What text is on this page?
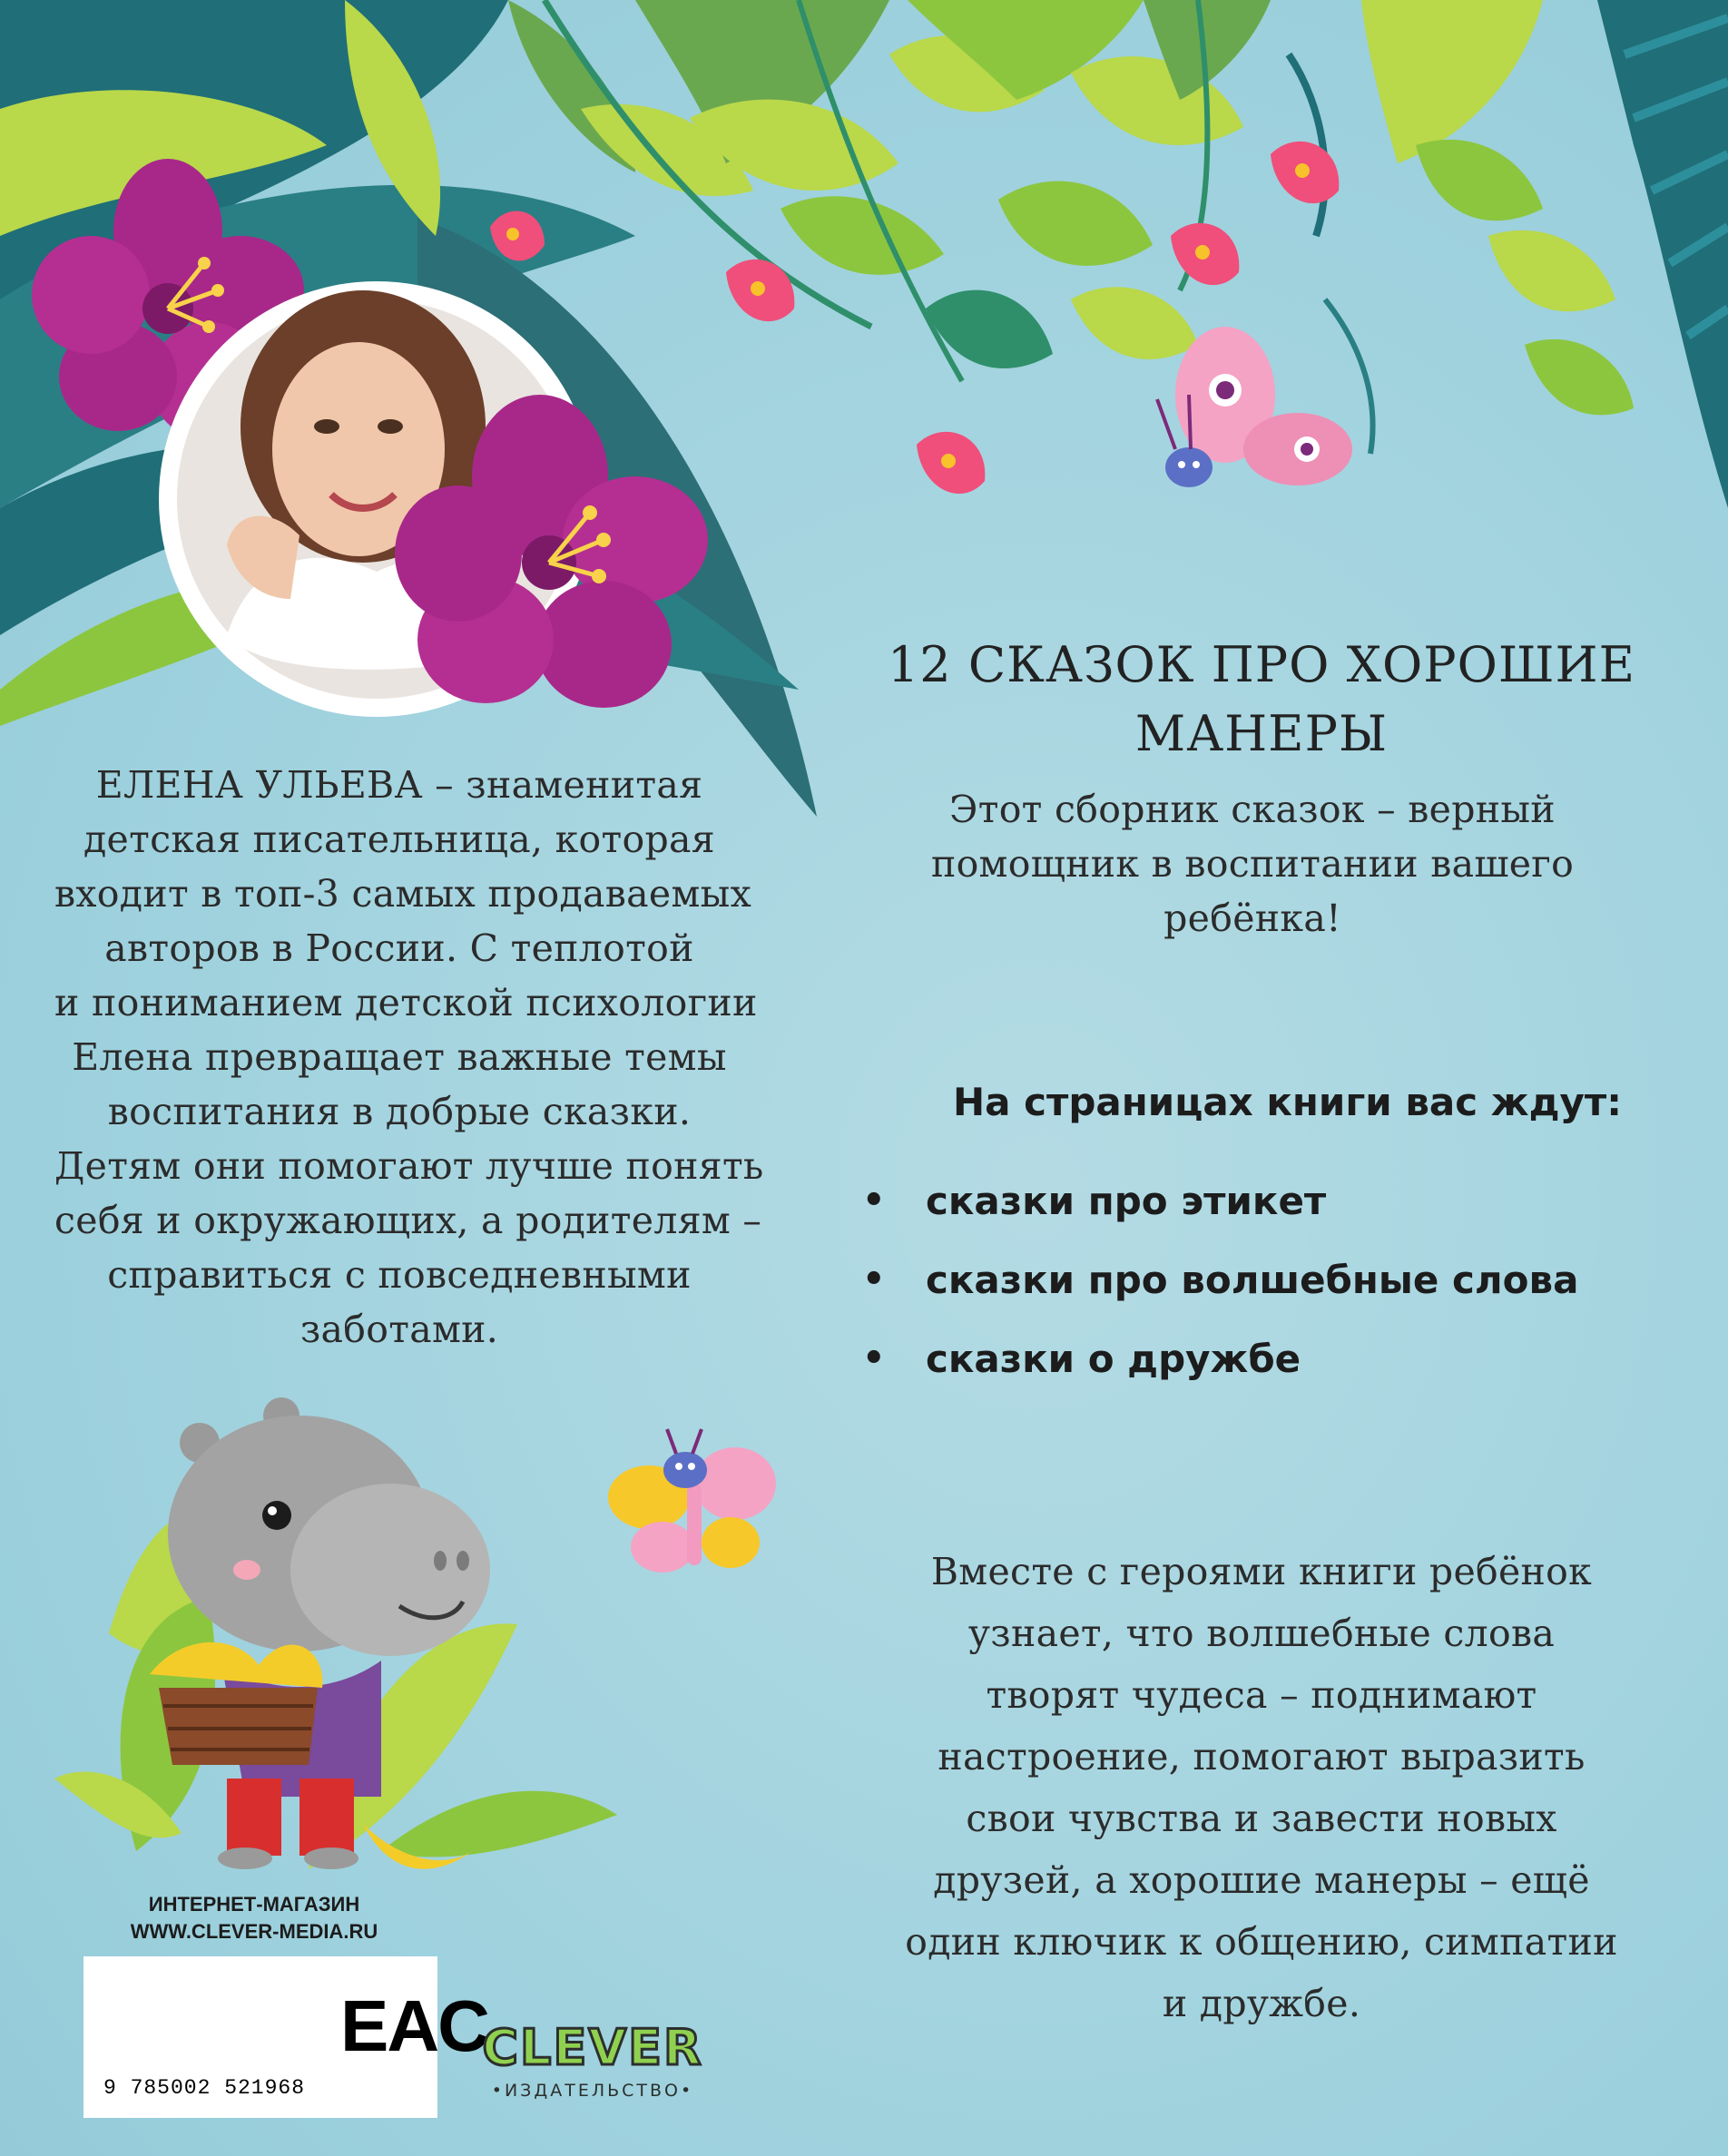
ЕЛЕНА УЛЬЕВА – знаменитая
детская писательница, которая
входит в топ-3 самых продаваемых
авторов в России. С теплотой
и пониманием детской психологии
Елена превращает важные темы
воспитания в добрые сказки.
Детям они помогают лучше понять
себя и окружающих, а родителям –
справиться с повседневными
заботами.
12 СКАЗОК ПРО ХОРОШИЕ
МАНЕРЫ
Этот сборник сказок – верный
помощник в воспитании вашего
ребёнка!
На страницах книги вас ждут:
• сказки про этикет
• сказки про волшебные слова
• сказки о дружбе
Вместе с героями книги ребёнок
узнает, что волшебные слова
творят чудеса – поднимают
настроение, помогают выразить
свои чувства и завести новых
друзей, а хорошие манеры – ещё
один ключик к общению, симпатии
и дружбе.
ИНТЕРНЕТ-МАГАЗИН
WWW.CLEVER-MEDIA.RU
9 785002 521968
EAC
CLEVER
•ИЗДАТЕЛЬСТВО•
